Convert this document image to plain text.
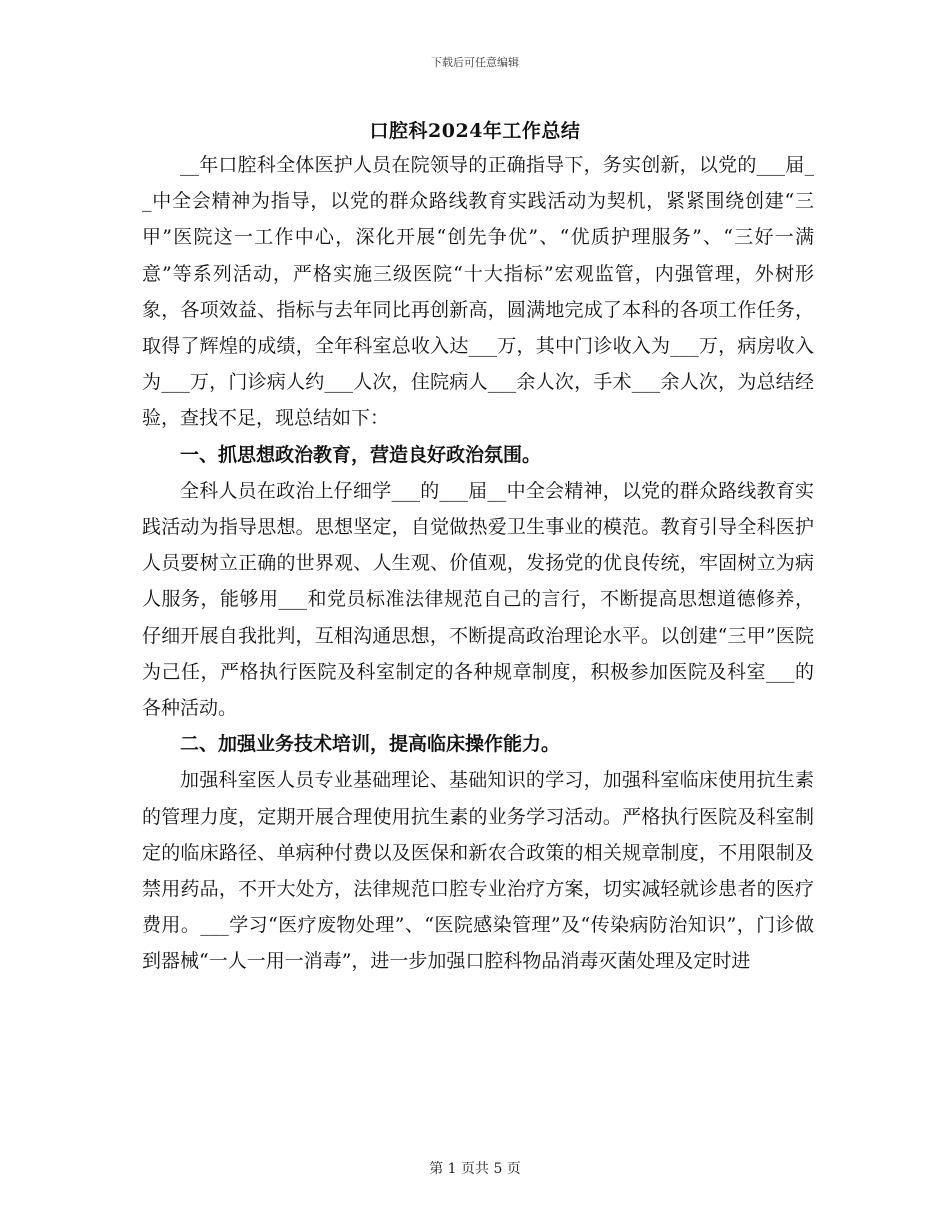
下载后可任意编辑
口腔科2024年工作总结

__年口腔科全体医护人员在院领导的正确指导下，务实创新，以党的___届__中全会精神为指导，以党的群众路线教育实践活动为契机，紧紧围绕创建“三甲”医院这一工作中心，深化开展“创先争优”、“优质护理服务”、“三好一满意”等系列活动，严格实施三级医院“十大指标”宏观监管，内强管理，外树形象，各项效益、指标与去年同比再创新高，圆满地完成了本科的各项工作任务，取得了辉煌的成绩，全年科室总收入达___万，其中门诊收入为___万，病房收入为___万，门诊病人约___人次，住院病人___余人次，手术___余人次，为总结经验，查找不足，现总结如下：

一、抓思想政治教育，营造良好政治氛围。

全科人员在政治上仔细学___的___届__中全会精神，以党的群众路线教育实践活动为指导思想。思想坚定，自觉做热爱卫生事业的模范。教育引导全科医护人员要树立正确的世界观、人生观、价值观，发扬党的优良传统，牢固树立为病人服务，能够用___和党员标准法律规范自己的言行，不断提高思想道德修养，仔细开展自我批判，互相沟通思想，不断提高政治理论水平。以创建“三甲”医院为己任，严格执行医院及科室制定的各种规章制度，积极参加医院及科室___的各种活动。

二、加强业务技术培训，提高临床操作能力。

加强科室医人员专业基础理论、基础知识的学习，加强科室临床使用抗生素的管理力度，定期开展合理使用抗生素的业务学习活动。严格执行医院及科室制定的临床路径、单病种付费以及医保和新农合政策的相关规章制度，不用限制及禁用药品，不开大处方，法律规范口腔专业治疗方案，切实减轻就诊患者的医疗费用。___学习“医疗废物处理”、“医院感染管理”及“传染病防治知识”，门诊做到器械“一人一用一消毒”，进一步加强口腔科物品消毒灭菌处理及定时进

第 1 页共 5 页
